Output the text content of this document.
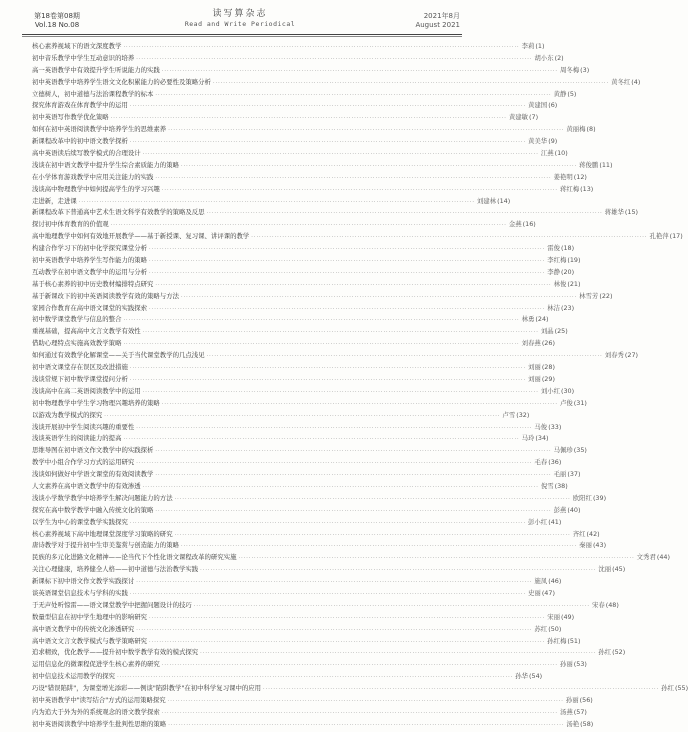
第18卷第08期
Vol.18 No.08
读写算杂志
Read and Write Periodical
2021年8月
August 2021
核心素养视域下的语文深度教学 ·····	李莉 (1)
初中音乐教学中学生互动意识的培养 ·····	胡小东 (2)
高一英语教学中有效提升学生听说能力的实践 ·····	周冬梅 (3)
初中英语教学中培养学生语文文化积累能力的必要性及策略分析 ·····	黄冬红 (4)
立德树人，初中道德与法治课程教学的标本 ·····	黄静 (5)
探究体育游戏在体育教学中的运用 ·····	黄建国 (6)
初中英语写作教学优化策略 ·····	黄建敏 (7)
如何在初中英语阅读教学中培养学生的思维素养 ·····	黄丽梅 (8)
新课程改革中的初中语文教学探析 ·····	黄美华 (9)
高中英语读后续写教学模式的合理设计 ·····	江燕 (10)
浅谈在初中语文教学中提升学生综合素质能力的策略 ·····	蒋俊鹏 (11)
在小学体育游戏教学中应用关注能力的实践 ·····	姜艳明 (12)
浅谈高中物理教学中如何提高学生的学习兴趣 ·····	蒋红梅 (13)
走进新，走进课 ·····	刘建林 (14)
新课程改革下普通高中艺术生语文科学有效教学的策略及反思 ·····	蒋雄华 (15)
探讨初中体育教育的价值观 ·····	金燕 (16)
高中地理教学中如何有效地开展教学——基于新授课、复习课、讲评课的教学 ·····	孔艳萍 (17)
构建合作学习下的初中化学探究课堂分析 ·····	雷俊 (18)
初中英语教学中培养学生写作能力的策略 ·····	李红梅 (19)
互动教学在初中语文教学中的运用与分析 ·····	李静 (20)
基于核心素养的初中历史教材编排特点研究 ·····	林俊 (21)
基于新课改下的初中英语阅读教学有效的策略与方法 ·····	林雪芳 (22)
家园合作教育在高中语文课堂的实践探索 ·····	林洁 (23)
初中数学课堂教学与信息的整合 ·····	林勇 (24)
重视基础，提高高中文言文教学有效性 ·····	刘晶 (25)
借助心理特点实施高效教学策略 ·····	刘春燕 (26)
如何通过有效教学化解课堂——关于当代课堂教学的几点浅见 ·····	刘春秀 (27)
初中语文课堂存在误区及改进措施 ·····	刘丽 (28)
浅谈常规下初中数学课堂提问分析 ·····	刘丽 (29)
浅谈高中在高二英语阅读教学中的运用 ·····	刘小红 (30)
初中物理教学中学生学习物理兴趣培养的策略 ·····	卢俊 (31)
以游戏为教学模式的探究 ·····	卢雪 (32)
浅谈开展初中学生阅读兴趣的重要性 ·····	马俊 (33)
浅谈英语学生的阅读能力的提高 ·····	马玲 (34)
思维导图在初中语文作文教学中的实践探析 ·····	马佩珍 (35)
教学中小组合作学习方式的运用研究 ·····	毛春 (36)
浅谈如何做好中学语文课堂的有效阅读教学 ·····	毛丽 (37)
人文素养在高中语文教学中的有效渗透 ·····	倪雪 (38)
浅谈小学数学教学中培养学生解决问题能力的方法 ·····	欧阳红 (39)
探究在高中数学教学中融入传统文化的策略 ·····	彭燕 (40)
以学生为中心的课堂教学实践探究 ·····	彭小红 (41)
核心素养视域下高中地理课堂深度学习策略的研究 ·····	齐红 (42)
唐诗教学对于提升初中生审美鉴赏与创造能力的策略 ·····	秦丽 (43)
民族的多元化进路文化精神——论当代下个性化语文课程改革的研究实施 ·····	文秀君 (44)
关注心理健康，培养健全人格——初中道德与法治教学实践 ·····	沈丽 (45)
新课标下初中语文作文教学实践探讨 ·····	施凤 (46)
谈英语课堂信息技术与学科的实践 ·····	史丽 (47)
于无声处听惊雷——语文课堂教学中把握问题设计的技巧 ·····	宋春 (48)
数量型信息在初中学生地理中的影响研究 ·····	宋丽 (49)
高中语文教学中的传统文化渗透研究 ·····	苏红 (50)
高中语文文言文教学模式与教学策略研究 ·····	孙红梅 (51)
追求精致，优化教学——提升初中数学教学有效的模式探究 ·····	孙红 (52)
运用信息化的微课程促进学生核心素养的研究 ·····	孙丽 (53)
初中信息技术运用教学的探究 ·····	孙华 (54)
巧设"错误陷阱"，为课堂增光添彩——例谈"陷阱教学"在初中科学复习课中的应用 ·····	孙红 (55)
初中英语教学中"读写结合"方式的运用策略探究 ·····	孙丽 (56)
内为追大于外为外的系统观念的语文教学探索 ·····	汤燕 (57)
初中英语阅读教学中培养学生批判性思维的策略 ·····	汤艳 (58)
